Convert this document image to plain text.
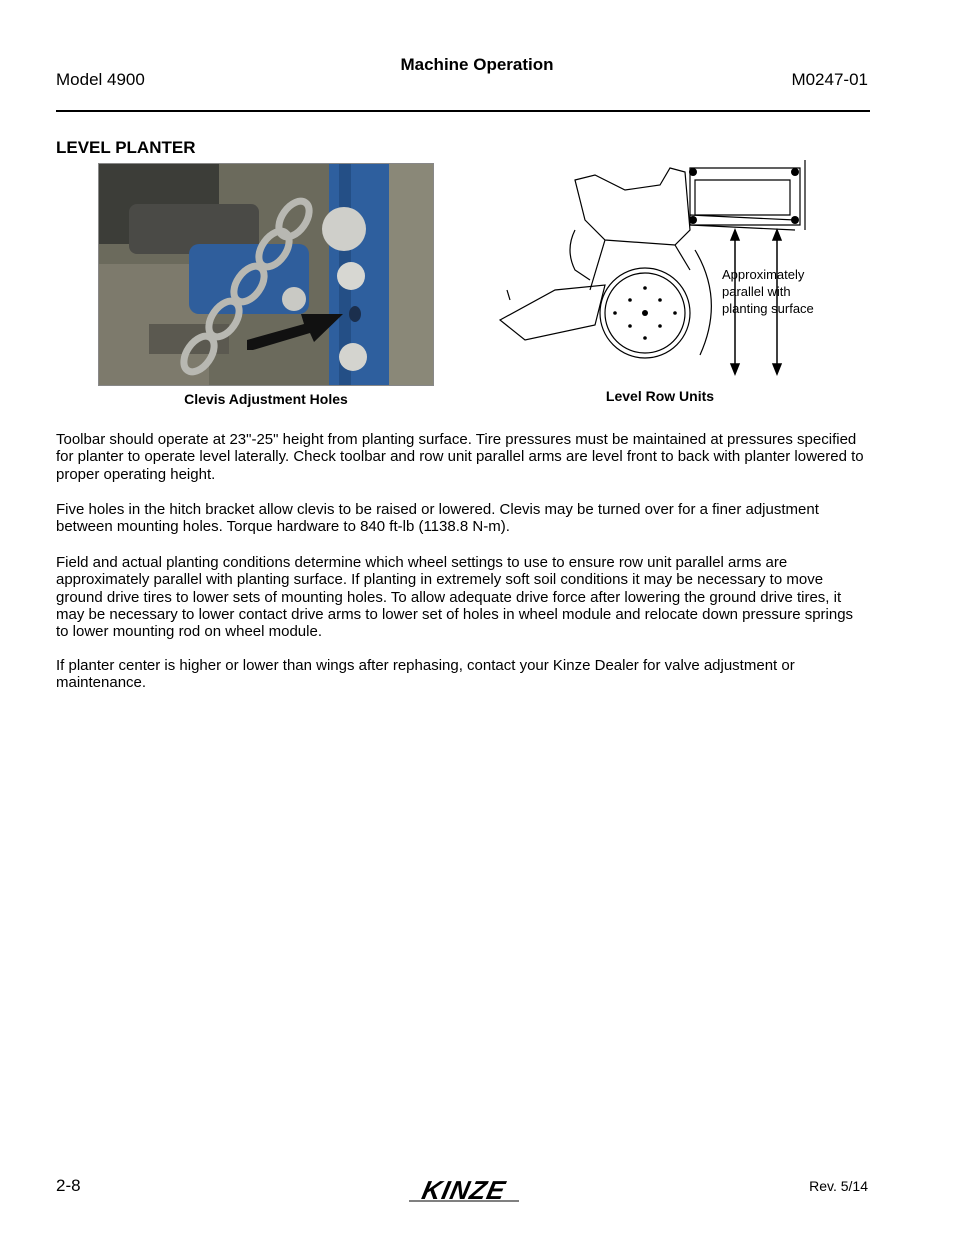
Model 4900
Machine Operation
M0247-01
LEVEL PLANTER
Clevis Adjustment Holes
Approximately
parallel with
planting surface
Level Row Units
Toolbar should operate at 23"-25" height from planting surface. Tire pressures must be maintained at pressures specified for planter to operate level laterally. Check toolbar and row unit parallel arms are level front to back with planter lowered to proper operating height.
Five holes in the hitch bracket allow clevis to be raised or lowered. Clevis may be turned over for a finer adjustment between mounting holes. Torque hardware to 840 ft-lb (1138.8 N-m).
Field and actual planting conditions determine which wheel settings to use to ensure row unit parallel arms are approximately parallel with planting surface. If planting in extremely soft soil conditions it may be necessary to move ground drive tires to lower sets of mounting holes. To allow adequate drive force after lowering the ground drive tires, it may be necessary to lower contact drive arms to lower set of holes in wheel module and relocate down pressure springs to lower mounting rod on wheel module.
If planter center is higher or lower than wings after rephasing, contact your Kinze Dealer for valve adjustment or maintenance.
2-8	KINZE	Rev. 5/14
